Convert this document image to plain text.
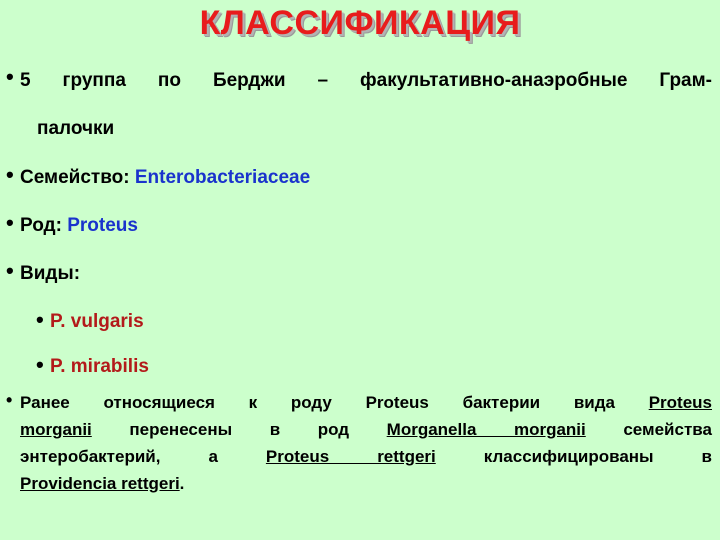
КЛАССИФИКАЦИЯ
• 5 группа по Берджи – факультативно-анаэробные Грам-
палочки
• Семейство: Enterobacteriaceae
• Род: Proteus
• Виды:
• P. vulgaris
• P. mirabilis
• Ранее относящиеся к роду Proteus бактерии вида Proteus
morganii перенесены в род Morganella morganii семейства
энтеробактерий, а	Proteus rettgeri	классифицированы в
Providencia rettgeri.
